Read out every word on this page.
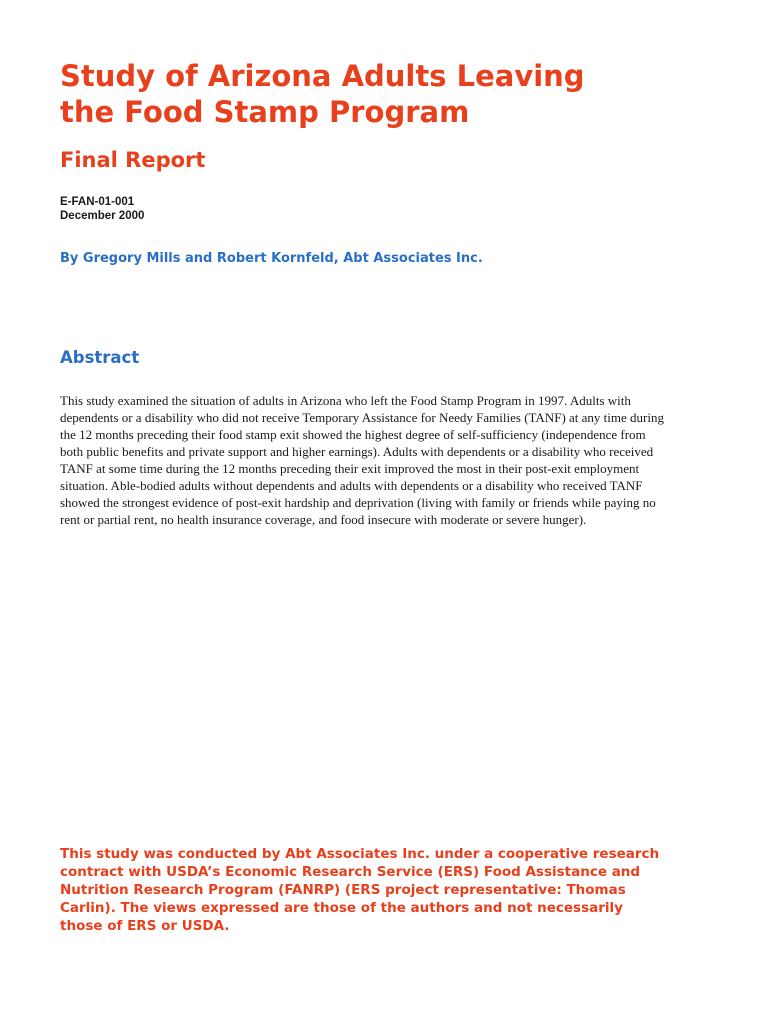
Study of Arizona Adults Leaving
the Food Stamp Program
Final Report
E-FAN-01-001
December 2000
By Gregory Mills and Robert Kornfeld, Abt Associates Inc.
Abstract
This study examined the situation of adults in Arizona who left the Food Stamp Program in 1997. Adults with
dependents or a disability who did not receive Temporary Assistance for Needy Families (TANF) at any time during
the 12 months preceding their food stamp exit showed the highest degree of self-sufficiency (independence from
both public benefits and private support and higher earnings). Adults with dependents or a disability who received
TANF at some time during the 12 months preceding their exit improved the most in their post-exit employment
situation. Able-bodied adults without dependents and adults with dependents or a disability who received TANF
showed the strongest evidence of post-exit hardship and deprivation (living with family or friends while paying no
rent or partial rent, no health insurance coverage, and food insecure with moderate or severe hunger).
This study was conducted by Abt Associates Inc. under a cooperative research
contract with USDA’s Economic Research Service (ERS) Food Assistance and
Nutrition Research Program (FANRP) (ERS project representative: Thomas
Carlin). The views expressed are those of the authors and not necessarily
those of ERS or USDA.
